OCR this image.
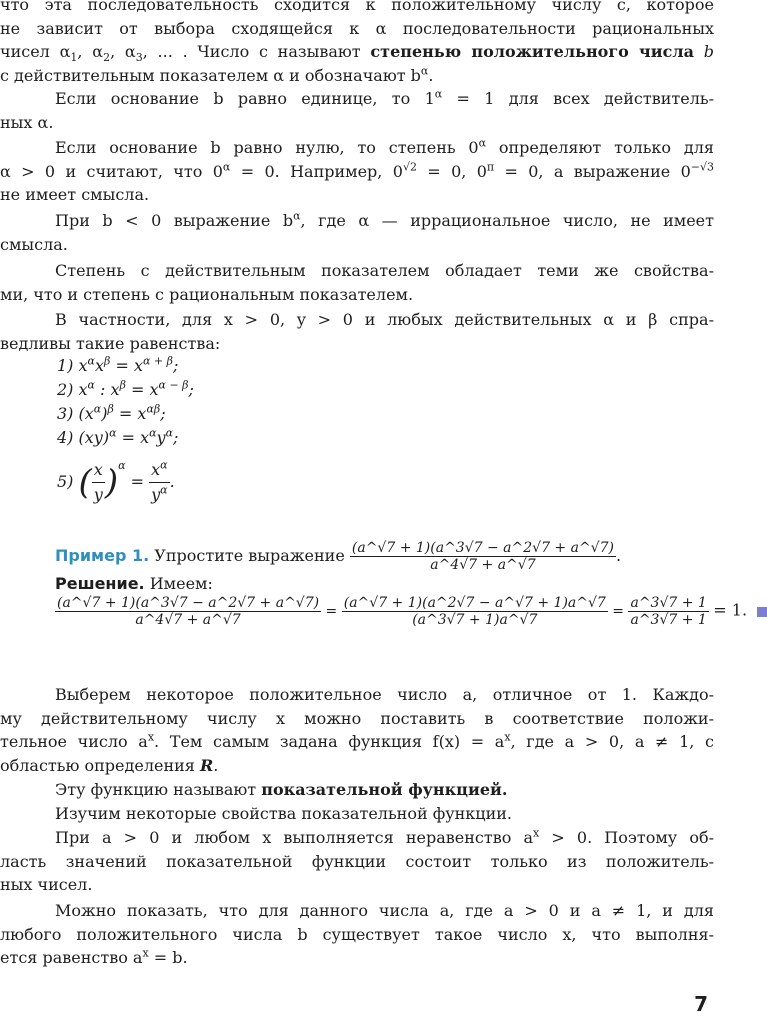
что эта последовательность сходится к положительному числу c, которое
не зависит от выбора сходящейся к α последовательности рациональных
чисел $\alpha_1$, $\alpha_2$, $\alpha_3$, ... . Число c называют степенью положительного числа b
с действительным показателем α и обозначают $b^\alpha$.
Если основание b равно единице, то $1^\alpha = 1$ для всех действитель-
ных α.
Если основание b равно нулю, то степень $0^\alpha$ определяют только для
α > 0 и считают, что $0^\alpha = 0$. Например, $0^{√2} = 0$, $0^\pi = 0$, а выражение $0^{-√3}$
не имеет смысла.
При b < 0 выражение $b^\alpha$, где α — иррациональное число, не имеет
смысла.
Степень с действительным показателем обладает теми же свойства-
ми, что и степень с рациональным показателем.
В частности, для x > 0, y > 0 и любых действительных α и β спра-
ведливы такие равенства:
1) $x^\alpha x^\beta = x^{\alpha + \beta}$;
2) $x^\alpha$ : $x^\beta = x^{\alpha - \beta}$;
3) $(x^\alpha)^\beta = x^{\alpha\beta}$;
4) $(xy)^\alpha = x^\alpha y^\alpha$;
5) ( $\frac{x}{y} )^\alpha = \frac{x^\alpha}{y^\alpha}$ .
Пример 1. Упростите выражение $\frac{(a\^{}√7 + 1)(a\^{}3√7 - a\^{}2√7 + a\^{}√7)}{a\^{}4√7 + a\^{}√7}$ .
Решение. Имеем:
$\frac{(a\^{}√7 + 1)(a\^{}3√7 - a\^{}2√7 + a\^{}√7)}{a\^{}4√7 + a\^{}√7} = \frac{(a\^{}√7 + 1)(a\^{}2√7 - a\^{}√7 + 1)a\^{}√7}{(a\^{}3√7 + 1)a\^{}√7} = \frac{a\^{}3√7 + 1}{a\^{}3√7 + 1} = 1$.
Выберем некоторое положительное число a, отличное от 1. Каждо-
му действительному числу x можно поставить в соответствие положи-
тельное число $a^x$. Тем самым задана функция $f(x) = a^x$, где a > 0, a ≠ 1, с
областью определения R.
Эту функцию называют показательной функцией.
Изучим некоторые свойства показательной функции.
При a > 0 и любом x выполняется неравенство $a^x > 0$. Поэтому об-
ласть значений показательной функции состоит только из положитель-
ных чисел.
Можно показать, что для данного числа a, где a > 0 и a ≠ 1, и для
любого положительного числа b существует такое число x, что выполня-
ется равенство $a^x = b$.
7
